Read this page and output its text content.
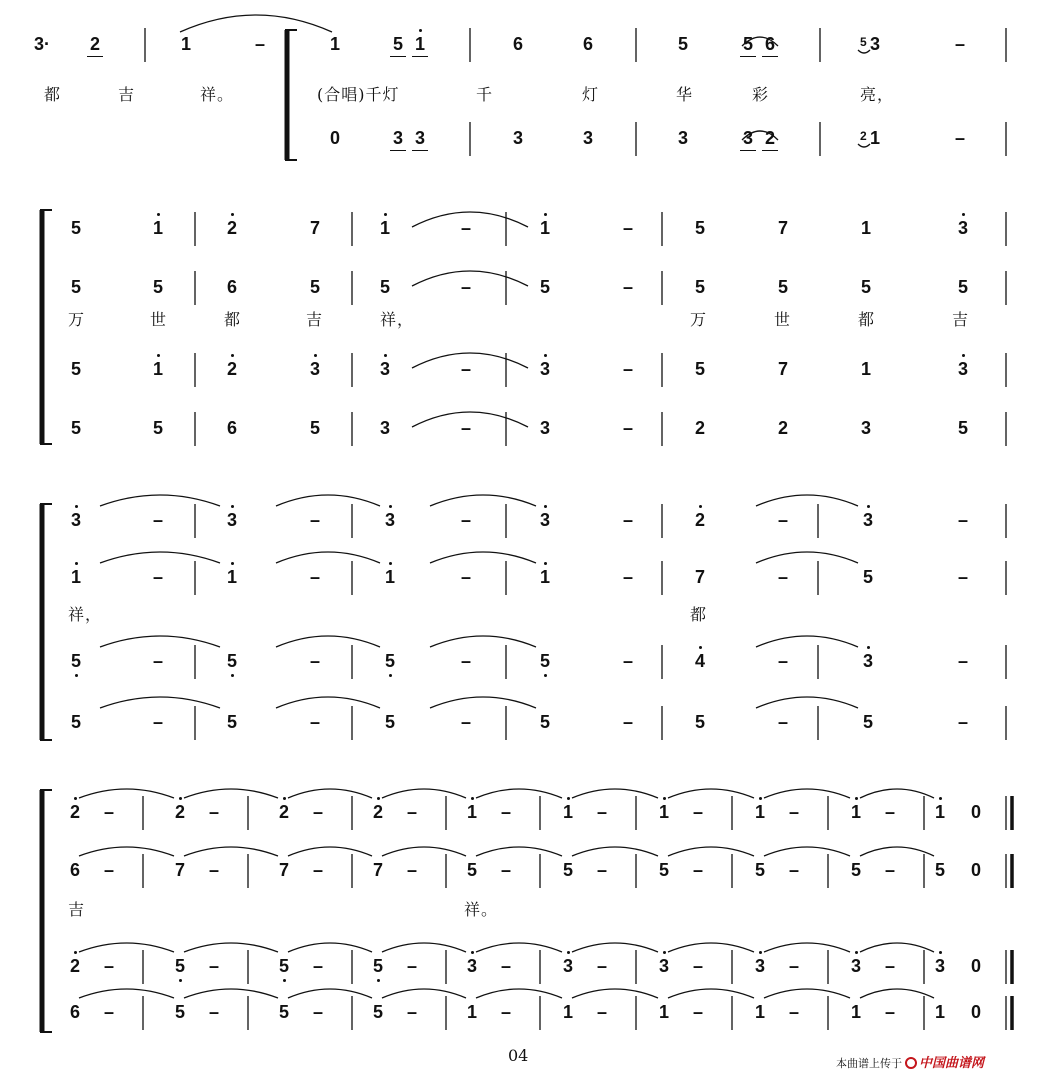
3·	2	1	–	1	5 1	6	6	5	5 6	3	–
都	吉	祥。	(合唱)千灯	千	灯	华	彩	亮，
0	3 3	3	3	3	3 2	1	–
5
2
5	1	2	7	1	–	1	–	5	7	1	3
5	5	6	5	5	–	5	–	5	5	5	5
万	世	都	吉	祥，	万	世	都	吉
5	1	2	3	3	–	3	–	5	7	1	3
5	5	6	5	3	–	3	–	2	2	3	5
3	–	3	–	3	–	3	–	2	–	3	–
1	–	1	–	1	–	1	–	7	–	5	–
祥，	都
5	–	5	–	5	–	5	–	4	–	3	–
5	–	5	–	5	–	5	–	5	–	5	–
2	–	2	–	2	–	2	–	1	–	1	–	1	–	1	–	1	–	1	0
6	–	7	–	7	–	7	–	5	–	5	–	5	–	5	–	5	–	5	0
吉	祥。
2	–	5	–	5	–	5	–	3	–	3	–	3	–	3	–	3	–	3	0
6	–	5	–	5	–	5	–	1	–	1	–	1	–	1	–	1	–	1	0
04	本曲谱上传于 中国曲谱网
